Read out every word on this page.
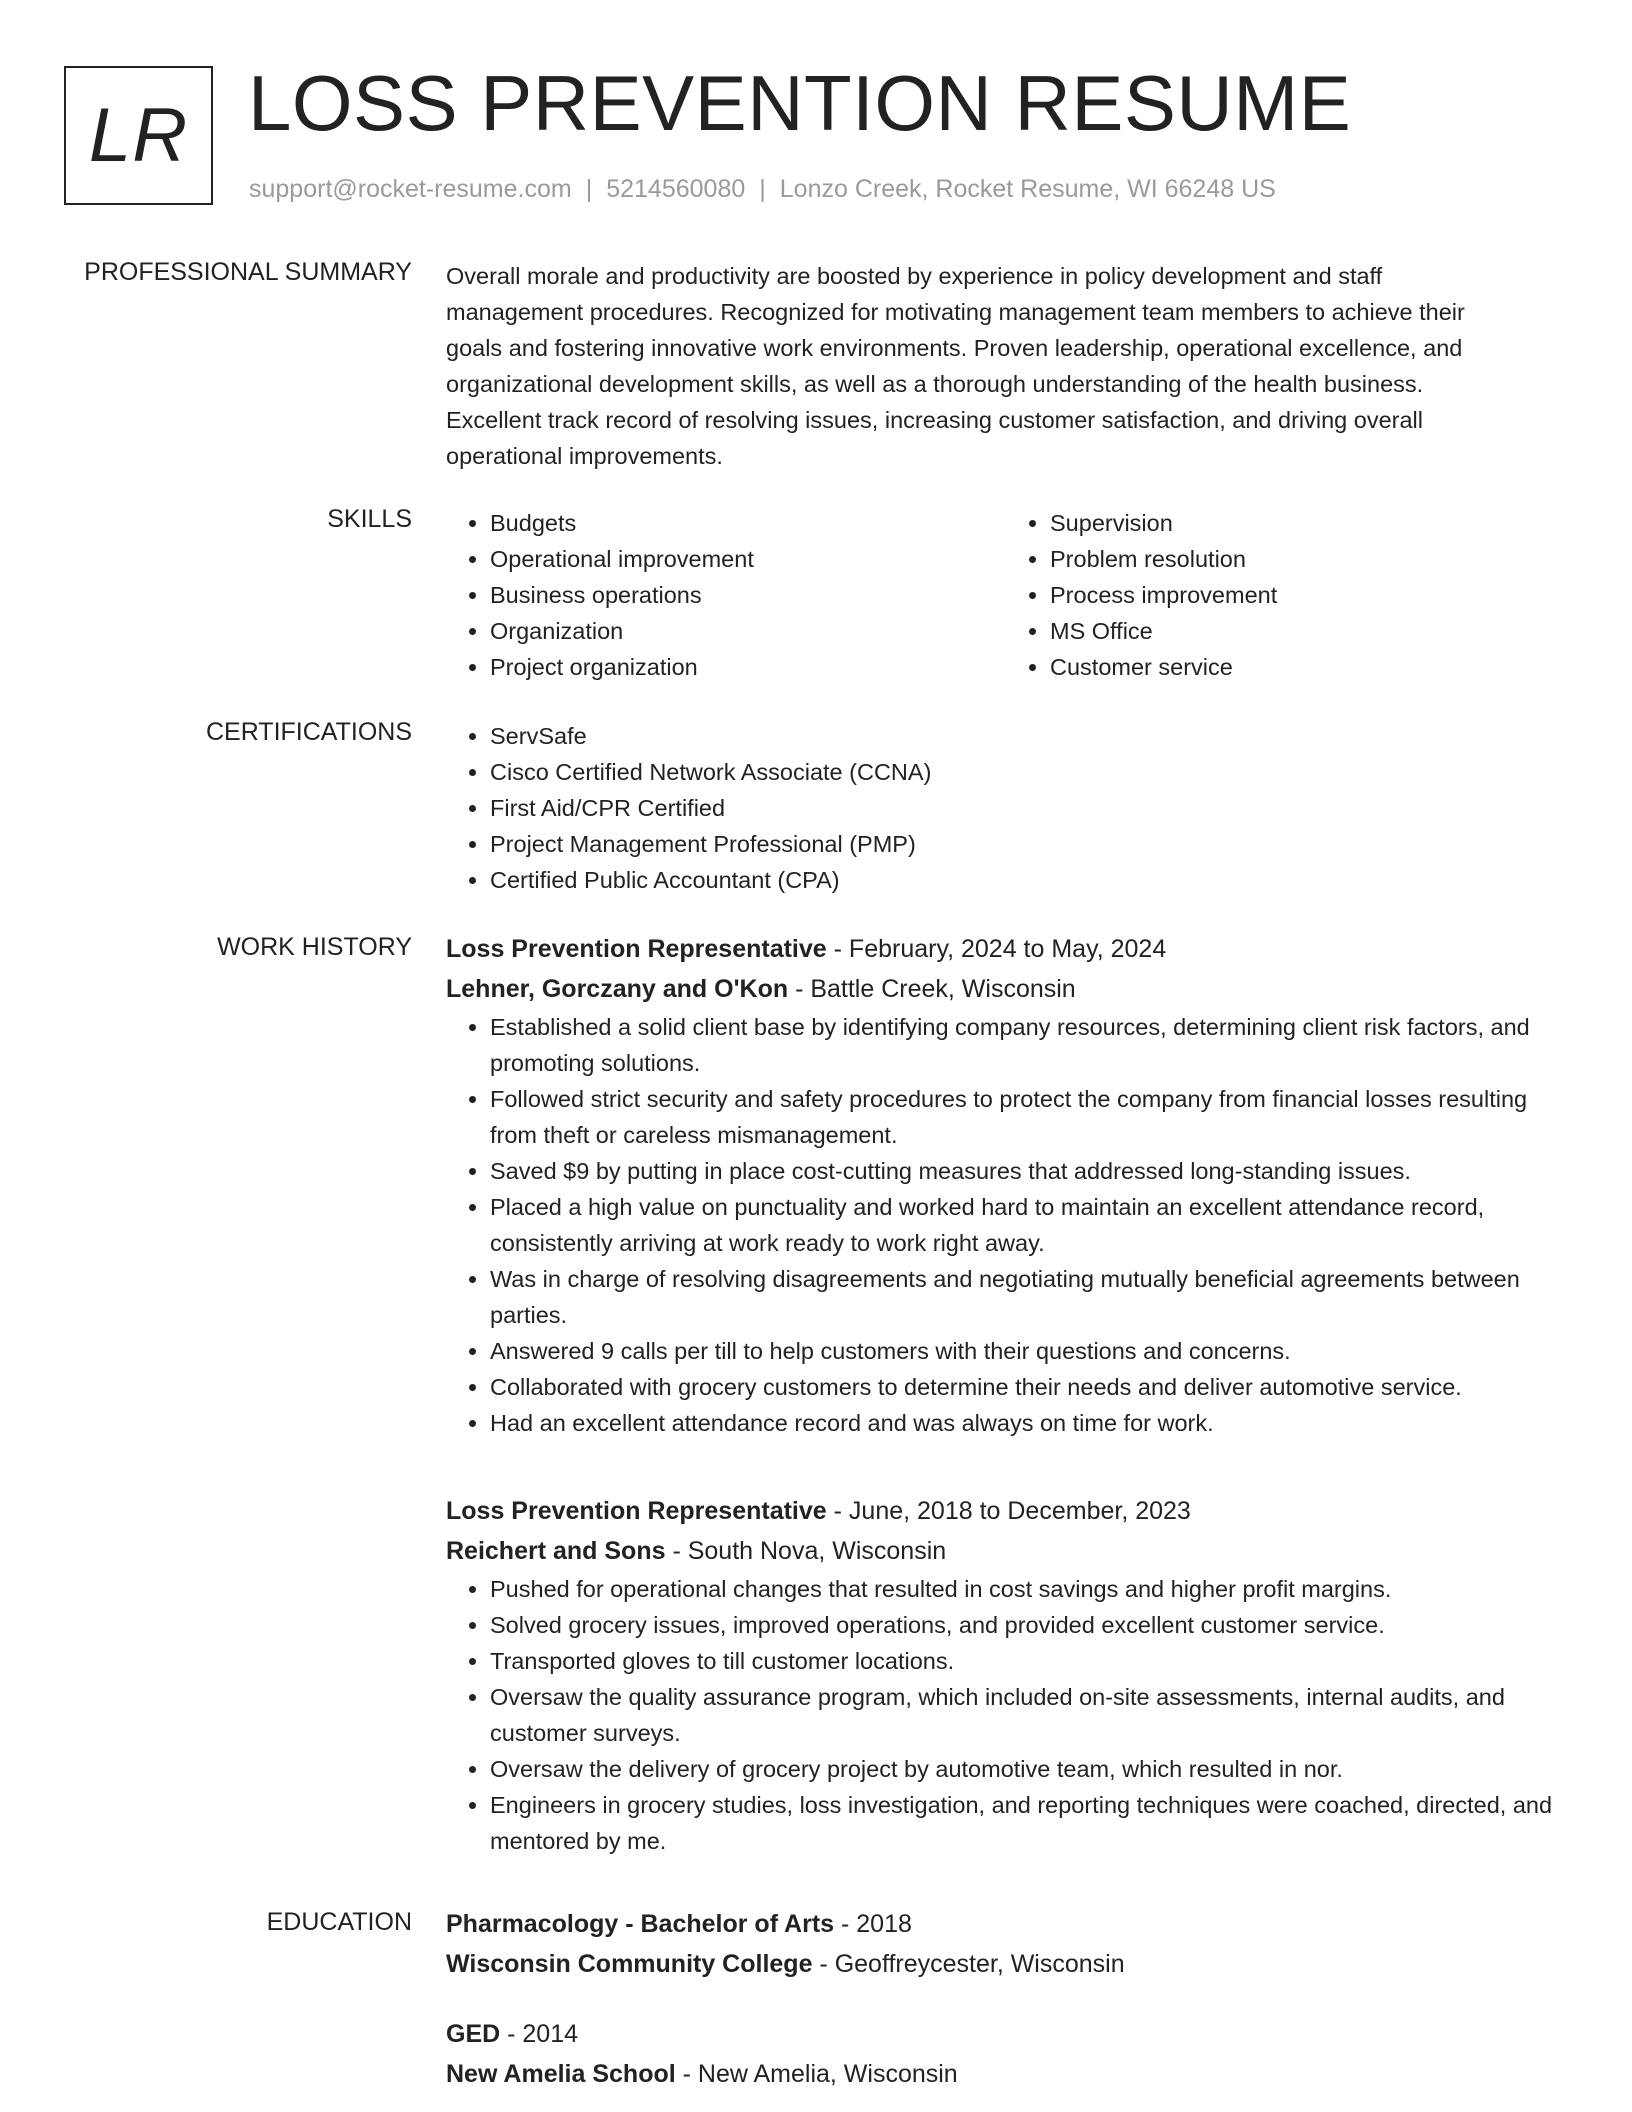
LR LOSS PREVENTION RESUME
support@rocket-resume.com | 5214560080 | Lonzo Creek, Rocket Resume, WI 66248 US
PROFESSIONAL SUMMARY Overall morale and productivity are boosted by experience in policy development and staff
management procedures. Recognized for motivating management team members to achieve their
goals and fostering innovative work environments. Proven leadership, operational excellence, and
organizational development skills, as well as a thorough understanding of the health business.
Excellent track record of resolving issues, increasing customer satisfaction, and driving overall
operational improvements.
SKILLS	• Budgets
• Operational improvement
• Business operations
• Organization
• Project organization
• Supervision
• Problem resolution
• Process improvement
• MS Office
• Customer service
CERTIFICATIONS	• ServSafe
• Cisco Certified Network Associate (CCNA)
• First Aid/CPR Certified
• Project Management Professional (PMP)
• Certified Public Accountant (CPA)
WORK HISTORY Loss Prevention Representative - February, 2024 to May, 2024
Lehner, Gorczany and O'Kon - Battle Creek, Wisconsin
• Established a solid client base by identifying company resources, determining client risk factors, and promoting solutions.
• Followed strict security and safety procedures to protect the company from financial losses resulting from theft or careless mismanagement.
• Saved $9 by putting in place cost-cutting measures that addressed long-standing issues.
• Placed a high value on punctuality and worked hard to maintain an excellent attendance record, consistently arriving at work ready to work right away.
• Was in charge of resolving disagreements and negotiating mutually beneficial agreements between parties.
• Answered 9 calls per till to help customers with their questions and concerns.
• Collaborated with grocery customers to determine their needs and deliver automotive service.
• Had an excellent attendance record and was always on time for work.
Loss Prevention Representative - June, 2018 to December, 2023
Reichert and Sons - South Nova, Wisconsin
• Pushed for operational changes that resulted in cost savings and higher profit margins.
• Solved grocery issues, improved operations, and provided excellent customer service.
• Transported gloves to till customer locations.
• Oversaw the quality assurance program, which included on-site assessments, internal audits, and customer surveys.
• Oversaw the delivery of grocery project by automotive team, which resulted in nor.
• Engineers in grocery studies, loss investigation, and reporting techniques were coached, directed, and mentored by me.
EDUCATION Pharmacology - Bachelor of Arts - 2018
Wisconsin Community College - Geoffreycester, Wisconsin
GED - 2014
New Amelia School - New Amelia, Wisconsin
